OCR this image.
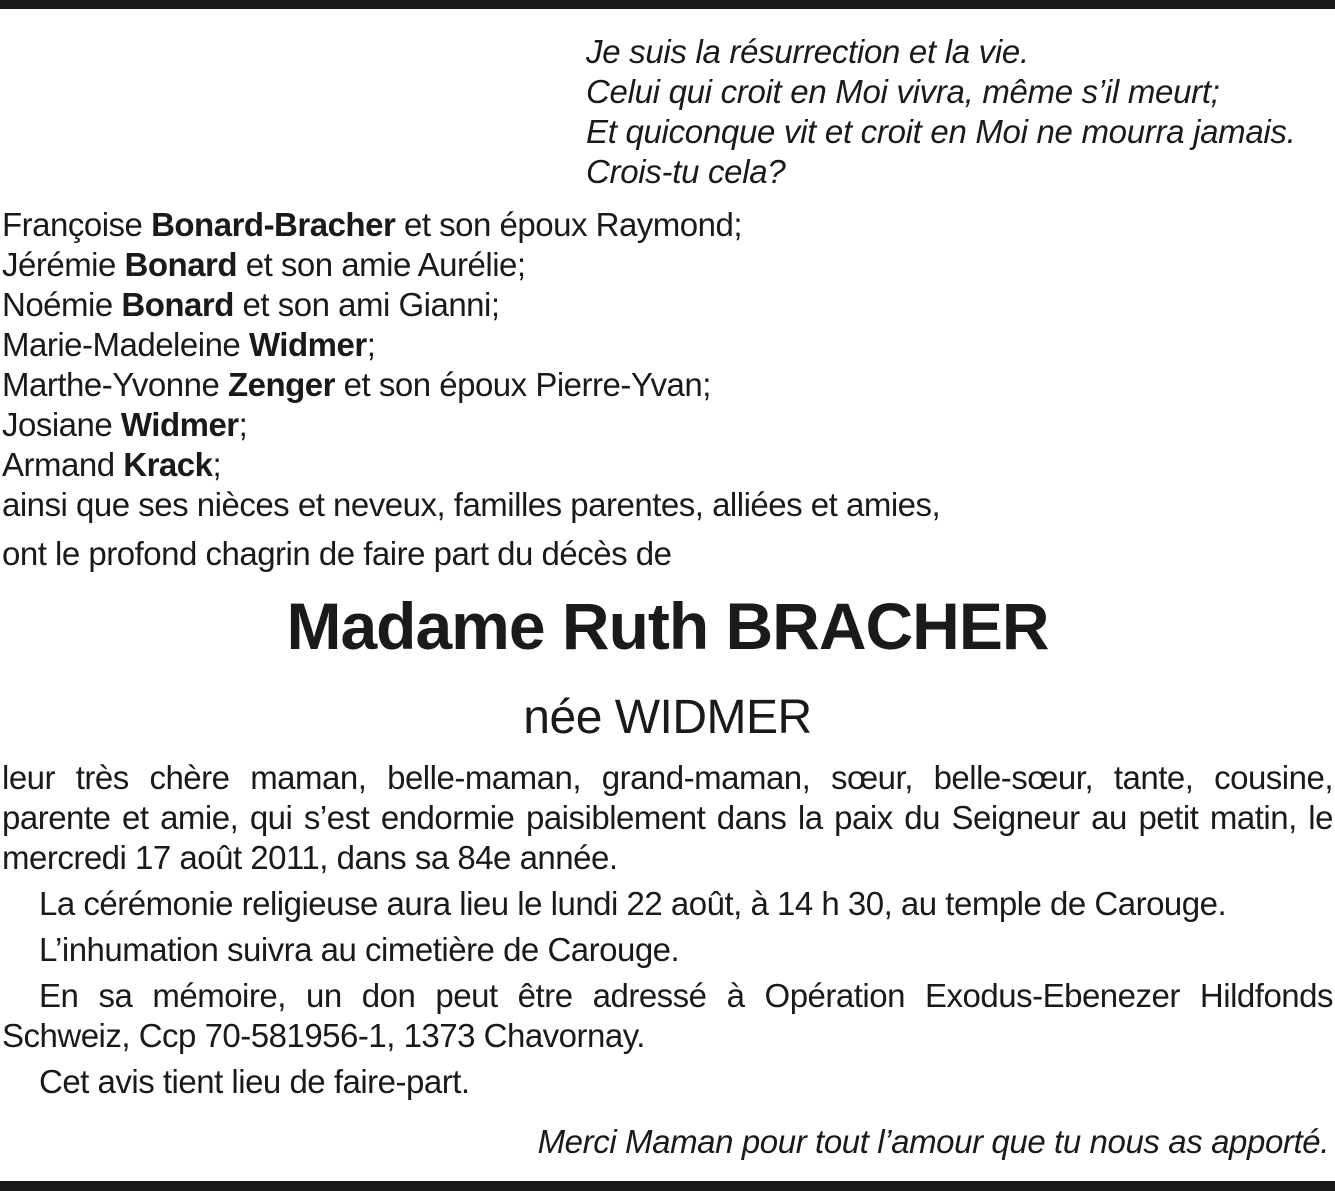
Je suis la résurrection et la vie.
Celui qui croit en Moi vivra, même s’il meurt;
Et quiconque vit et croit en Moi ne mourra jamais.
Crois-tu cela?
Françoise Bonard-Bracher et son époux Raymond;
Jérémie Bonard et son amie Aurélie;
Noémie Bonard et son ami Gianni;
Marie-Madeleine Widmer;
Marthe-Yvonne Zenger et son époux Pierre-Yvan;
Josiane Widmer;
Armand Krack;
ainsi que ses nièces et neveux, familles parentes, alliées et amies,
ont le profond chagrin de faire part du décès de
Madame Ruth BRACHER
née WIDMER

leur très chère maman, belle-maman, grand-maman, sœur, belle-sœur, tante, cousine, parente et amie, qui s’est endormie paisiblement dans la paix du Seigneur au petit matin, le mercredi 17 août 2011, dans sa 84e année.

La cérémonie religieuse aura lieu le lundi 22 août, à 14 h 30, au temple de Carouge.

L’inhumation suivra au cimetière de Carouge.

En sa mémoire, un don peut être adressé à Opération Exodus-Ebenezer Hildfonds Schweiz, Ccp 70-581956-1, 1373 Chavornay.

Cet avis tient lieu de faire-part.

Merci Maman pour tout l’amour que tu nous as apporté.
